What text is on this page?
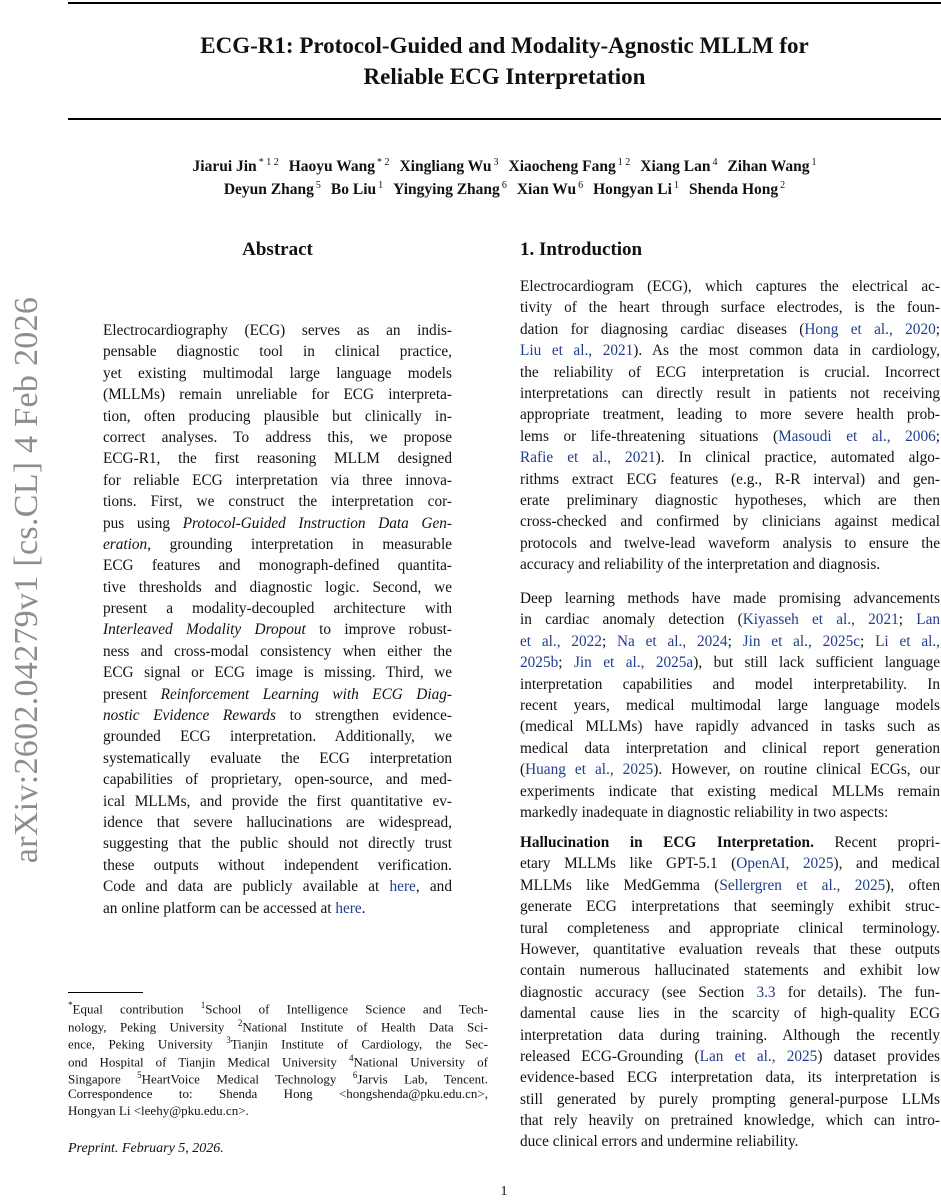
ECG-R1: Protocol-Guided and Modality-Agnostic MLLM for
Reliable ECG Interpretation
Jiarui Jin $^{* 1 2}$ Haoyu Wang $^{* 2}$ Xingliang Wu $^3$ Xiaocheng Fang $^{1 2}$ Xiang Lan $^4$ Zihan Wang $^1$
Deyun Zhang $^5$ Bo Liu $^1$ Yingying Zhang $^6$ Xian Wu $^6$ Hongyan Li $^1$ Shenda Hong $^2$
arXiv:2602.04279v1 [cs.CL] 4 Feb 2026
Abstract
Electrocardiography (ECG) serves as an indis-
pensable diagnostic tool in clinical practice,
yet existing multimodal large language models
(MLLMs) remain unreliable for ECG interpreta-
tion, often producing plausible but clinically in-
correct analyses. To address this, we propose
ECG-R1, the first reasoning MLLM designed
for reliable ECG interpretation via three innova-
tions. First, we construct the interpretation cor-
pus using Protocol-Guided Instruction Data Gen-
eration, grounding interpretation in measurable
ECG features and monograph-defined quantita-
tive thresholds and diagnostic logic. Second, we
present a modality-decoupled architecture with
Interleaved Modality Dropout to improve robust-
ness and cross-modal consistency when either the
ECG signal or ECG image is missing. Third, we
present Reinforcement Learning with ECG Diag-
nostic Evidence Rewards to strengthen evidence-
grounded ECG interpretation. Additionally, we
systematically evaluate the ECG interpretation
capabilities of proprietary, open-source, and med-
ical MLLMs, and provide the first quantitative ev-
idence that severe hallucinations are widespread,
suggesting that the public should not directly trust
these outputs without independent verification.
Code and data are publicly available at here, and
an online platform can be accessed at here.
1. Introduction
Electrocardiogram (ECG), which captures the electrical ac-
tivity of the heart through surface electrodes, is the foun-
dation for diagnosing cardiac diseases (Hong et al., 2020;
Liu et al., 2021). As the most common data in cardiology,
the reliability of ECG interpretation is crucial. Incorrect
interpretations can directly result in patients not receiving
appropriate treatment, leading to more severe health prob-
lems or life-threatening situations (Masoudi et al., 2006;
Rafie et al., 2021). In clinical practice, automated algo-
rithms extract ECG features (e.g., R-R interval) and gen-
erate preliminary diagnostic hypotheses, which are then
cross-checked and confirmed by clinicians against medical
protocols and twelve-lead waveform analysis to ensure the
accuracy and reliability of the interpretation and diagnosis.
Deep learning methods have made promising advancements
in cardiac anomaly detection (Kiyasseh et al., 2021; Lan
et al., 2022; Na et al., 2024; Jin et al., 2025c; Li et al.,
2025b; Jin et al., 2025a), but still lack sufficient language
interpretation capabilities and model interpretability. In
recent years, medical multimodal large language models
(medical MLLMs) have rapidly advanced in tasks such as
medical data interpretation and clinical report generation
(Huang et al., 2025). However, on routine clinical ECGs, our
experiments indicate that existing medical MLLMs remain
markedly inadequate in diagnostic reliability in two aspects:
Hallucination in ECG Interpretation. Recent propri-
etary MLLMs like GPT-5.1 (OpenAI, 2025), and medical
MLLMs like MedGemma (Sellergren et al., 2025), often
generate ECG interpretations that seemingly exhibit struc-
tural completeness and appropriate clinical terminology.
However, quantitative evaluation reveals that these outputs
contain numerous hallucinated statements and exhibit low
diagnostic accuracy (see Section 3.3 for details). The fun-
damental cause lies in the scarcity of high-quality ECG
interpretation data during training. Although the recently
released ECG-Grounding (Lan et al., 2025) dataset provides
evidence-based ECG interpretation data, its interpretation is
still generated by purely prompting general-purpose LLMs
that rely heavily on pretrained knowledge, which can intro-
duce clinical errors and undermine reliability.
*Equal contribution $^1$School of Intelligence Science and Tech-
nology, Peking University $^2$National Institute of Health Data Sci-
ence, Peking University $^3$Tianjin Institute of Cardiology, the Sec-
ond Hospital of Tianjin Medical University $^4$National University of
Singapore $^5$HeartVoice Medical Technology $^6$Jarvis Lab, Tencent.
Correspondence to: Shenda Hong <hongshenda@pku.edu.cn>,
Hongyan Li <leehy@pku.edu.cn>.
Preprint. February 5, 2026.
1
